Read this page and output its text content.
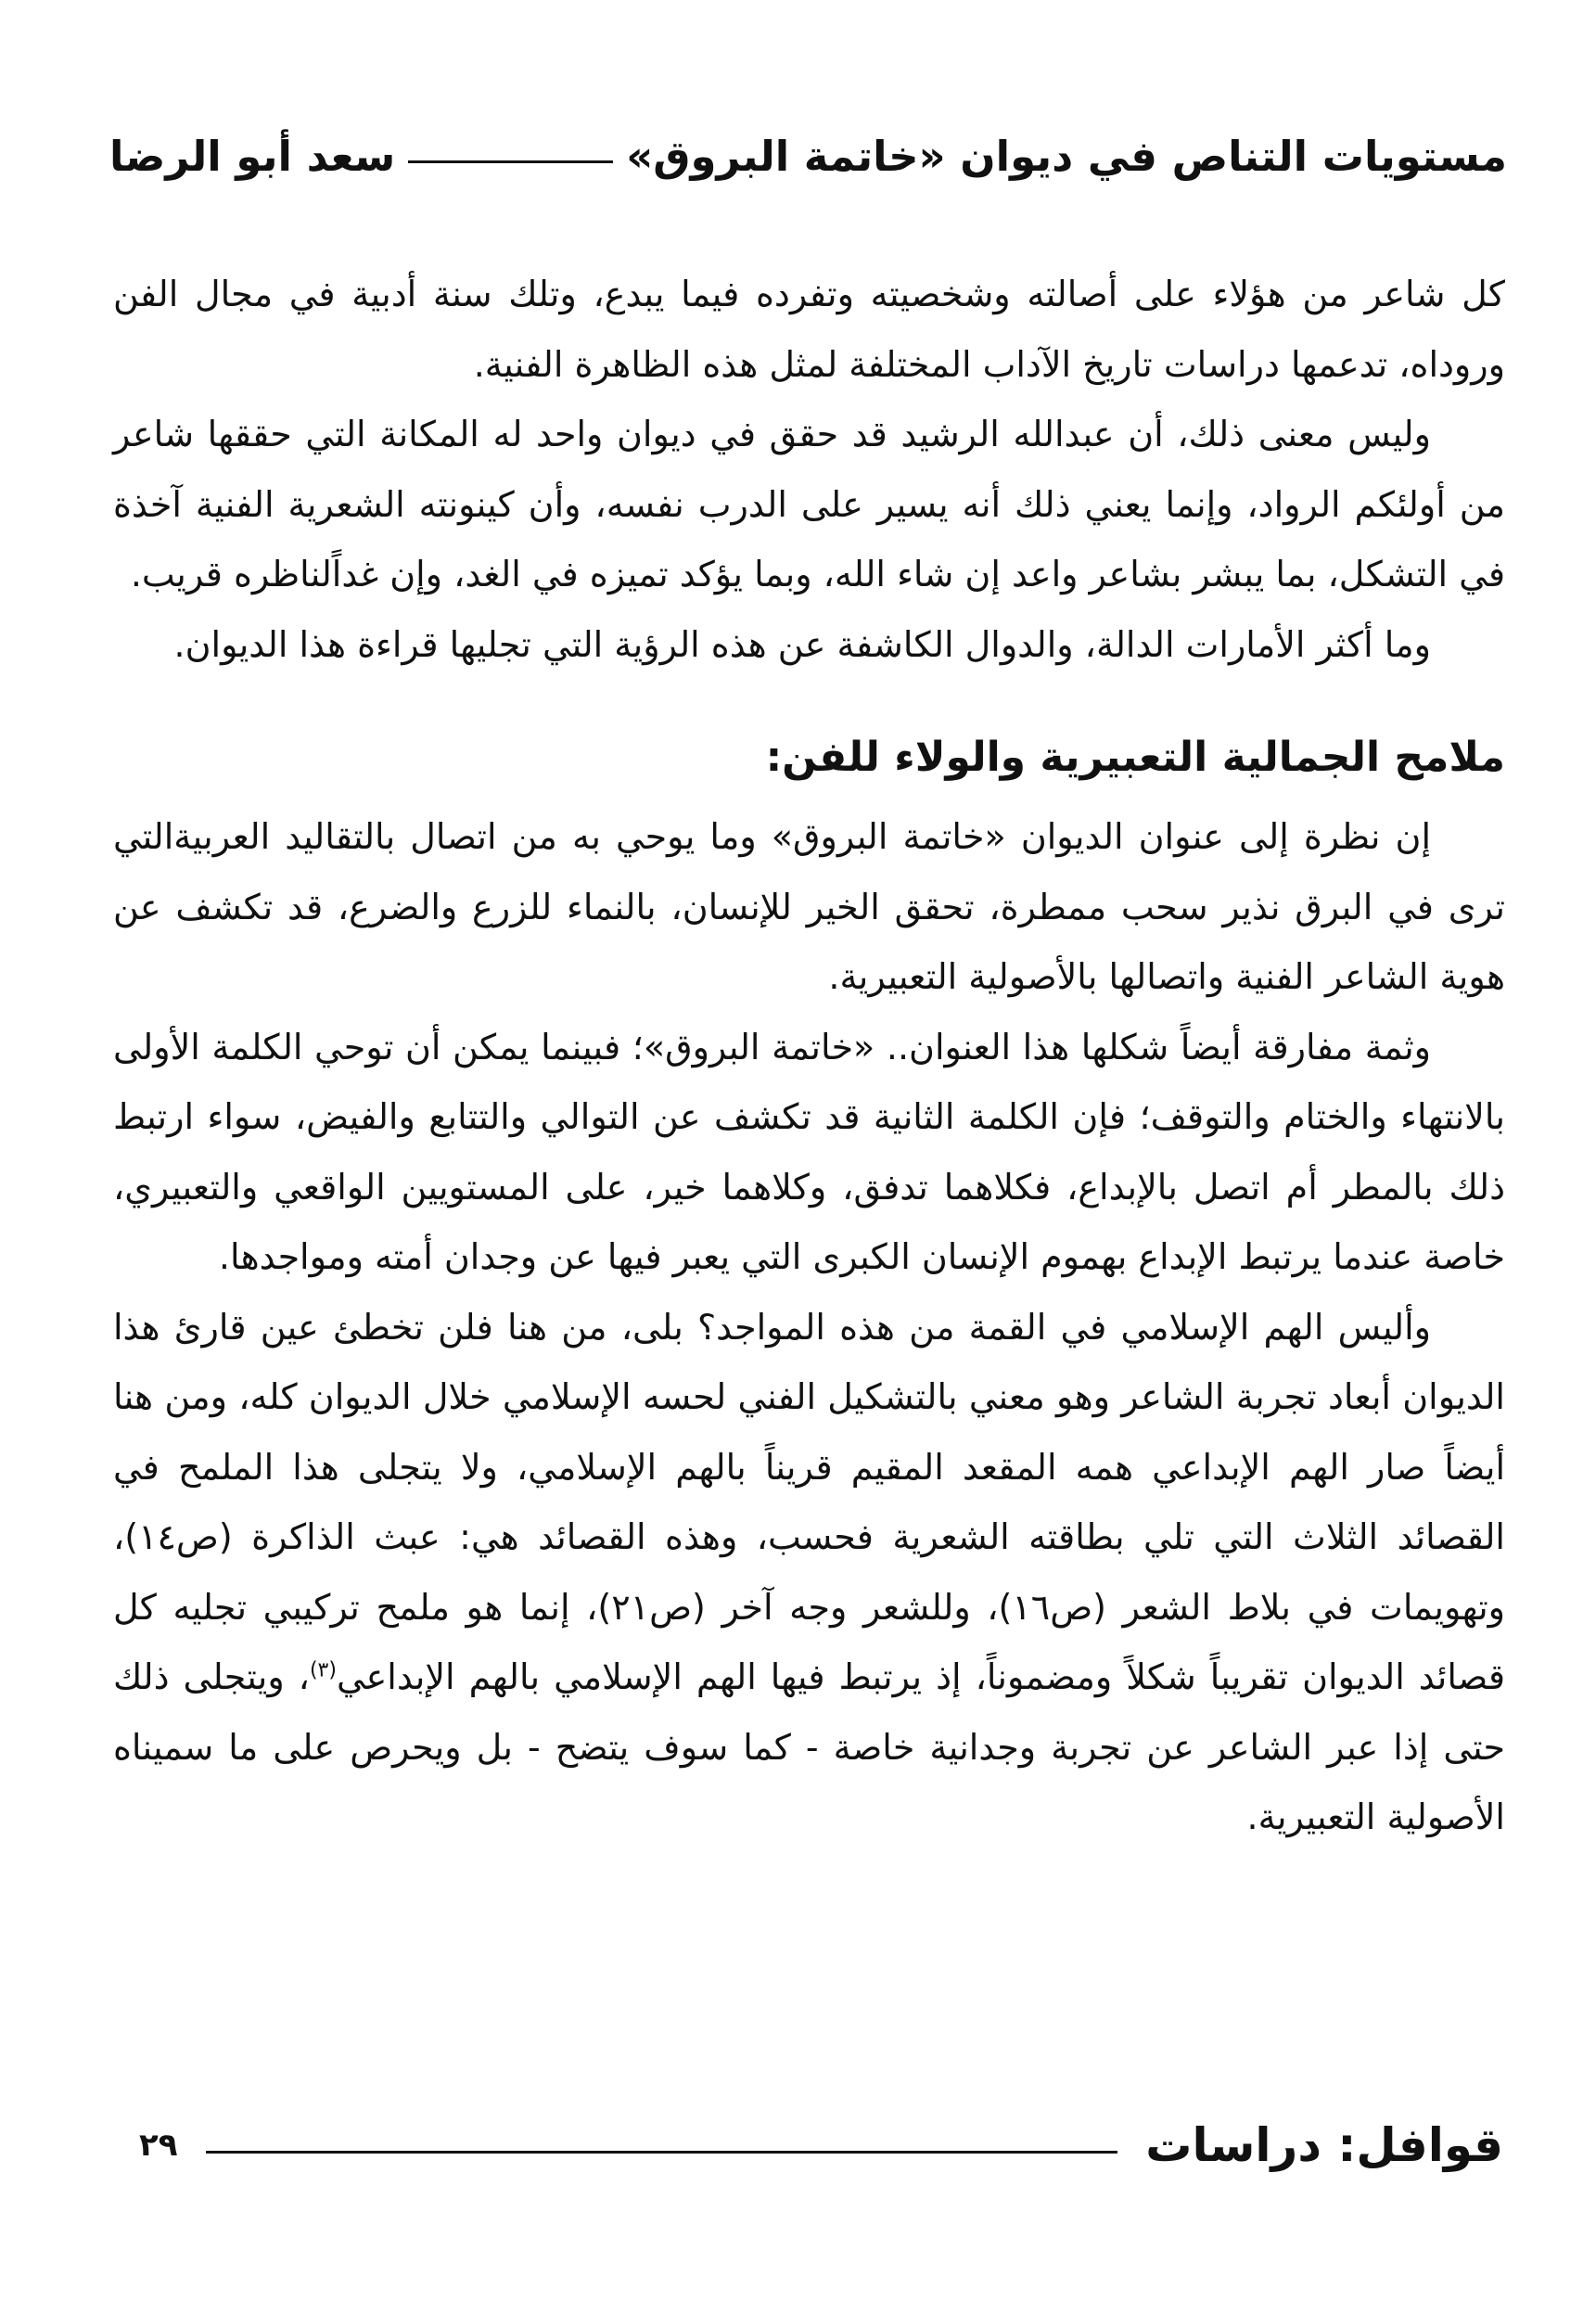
مستويات التناص في ديوان «خاتمة البروق»
سعد أبو الرضا

كل شاعر من هؤلاء على أصالته وشخصيته وتفرده فيما يبدع، وتلك سنة أدبية في مجال الفن وروداه، تدعمها دراسات تاريخ الآداب المختلفة لمثل هذه الظاهرة الفنية.

وليس معنى ذلك، أن عبدالله الرشيد قد حقق في ديوان واحد له المكانة التي حققها شاعر من أولئكم الرواد، وإنما يعني ذلك أنه يسير على الدرب نفسه، وأن كينونته الشعرية الفنية آخذة في التشكل، بما يبشر بشاعر واعد إن شاء الله، وبما يؤكد تميزه في الغد، وإن غداًلناظره قريب.

وما أكثر الأمارات الدالة، والدوال الكاشفة عن هذه الرؤية التي تجليها قراءة هذا الديوان.

ملامح الجمالية التعبيرية والولاء للفن:

إن نظرة إلى عنوان الديوان «خاتمة البروق» وما يوحي به من اتصال بالتقاليد العربيةالتي ترى في البرق نذير سحب ممطرة، تحقق الخير للإنسان، بالنماء للزرع والضرع، قد تكشف عن هوية الشاعر الفنية واتصالها بالأصولية التعبيرية.

وثمة مفارقة أيضاً شكلها هذا العنوان.. «خاتمة البروق»؛ فبينما يمكن أن توحي الكلمة الأولى بالانتهاء والختام والتوقف؛ فإن الكلمة الثانية قد تكشف عن التوالي والتتابع والفيض، سواء ارتبط ذلك بالمطر أم اتصل بالإبداع، فكلاهما تدفق، وكلاهما خير، على المستويين الواقعي والتعبيري، خاصة عندما يرتبط الإبداع بهموم الإنسان الكبرى التي يعبر فيها عن وجدان أمته ومواجدها.

وأليس الهم الإسلامي في القمة من هذه المواجد؟ بلى، من هنا فلن تخطئ عين قارئ هذا الديوان أبعاد تجربة الشاعر وهو معني بالتشكيل الفني لحسه الإسلامي خلال الديوان كله، ومن هنا أيضاً صار الهم الإبداعي همه المقعد المقيم قريناً بالهم الإسلامي، ولا يتجلى هذا الملمح في القصائد الثلاث التي تلي بطاقته الشعرية فحسب، وهذه القصائد هي: عبث الذاكرة (ص١٤)، وتهويمات في بلاط الشعر (ص١٦)، وللشعر وجه آخر (ص٢١)، إنما هو ملمح تركيبي تجليه كل قصائد الديوان تقريباً شكلاً ومضموناً، إذ يرتبط فيها الهم الإسلامي بالهم الإبداعي$^{(٣)}$، ويتجلى ذلك حتى إذا عبر الشاعر عن تجربة وجدانية خاصة - كما سوف يتضح - بل ويحرص على ما سميناه الأصولية التعبيرية.

قوافل: دراسات
٢٩
